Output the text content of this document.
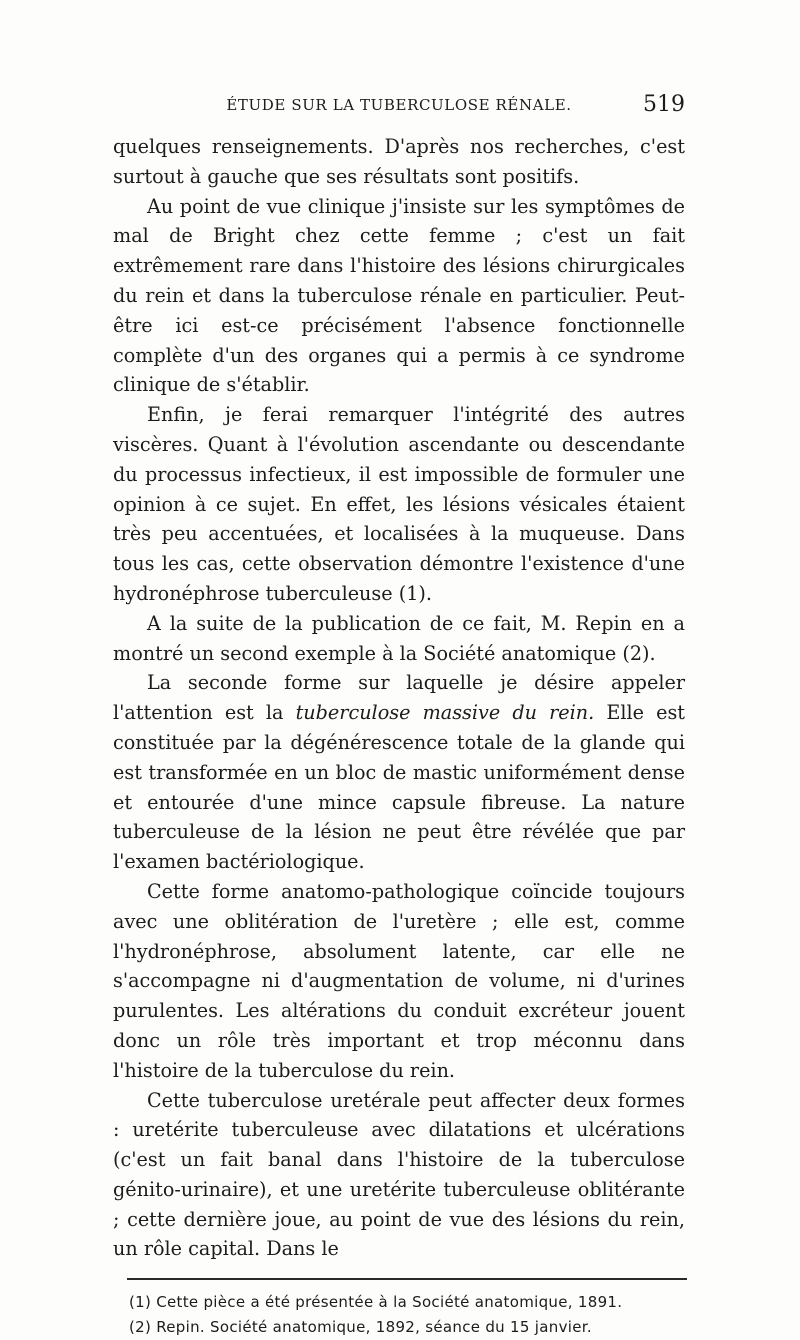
ÉTUDE SUR LA TUBERCULOSE RÉNALE.	519

quelques renseignements. D'après nos recherches, c'est surtout à gauche que ses résultats sont positifs.

Au point de vue clinique j'insiste sur les symptômes de mal de Bright chez cette femme ; c'est un fait extrêmement rare dans l'histoire des lésions chirurgicales du rein et dans la tuberculose rénale en particulier. Peut-être ici est-ce précisément l'absence fonctionnelle complète d'un des organes qui a permis à ce syndrome clinique de s'établir.

Enfin, je ferai remarquer l'intégrité des autres viscères. Quant à l'évolution ascendante ou descendante du processus infectieux, il est impossible de formuler une opinion à ce sujet. En effet, les lésions vésicales étaient très peu accentuées, et localisées à la muqueuse. Dans tous les cas, cette observation démontre l'existence d'une hydronéphrose tuberculeuse (1).

A la suite de la publication de ce fait, M. Repin en a montré un second exemple à la Société anatomique (2).

La seconde forme sur laquelle je désire appeler l'attention est la tuberculose massive du rein. Elle est constituée par la dégénérescence totale de la glande qui est transformée en un bloc de mastic uniformément dense et entourée d'une mince capsule fibreuse. La nature tuberculeuse de la lésion ne peut être révélée que par l'examen bactériologique.

Cette forme anatomo-pathologique coïncide toujours avec une oblitération de l'uretère ; elle est, comme l'hydronéphrose, absolument latente, car elle ne s'accompagne ni d'augmentation de volume, ni d'urines purulentes. Les altérations du conduit excréteur jouent donc un rôle très important et trop méconnu dans l'histoire de la tuberculose du rein.

Cette tuberculose uretérale peut affecter deux formes : uretérite tuberculeuse avec dilatations et ulcérations (c'est un fait banal dans l'histoire de la tuberculose génito-urinaire), et une uretérite tuberculeuse oblitérante ; cette dernière joue, au point de vue des lésions du rein, un rôle capital. Dans le

(1) Cette pièce a été présentée à la Société anatomique, 1891.
(2) Repin. Société anatomique, 1892, séance du 15 janvier.
